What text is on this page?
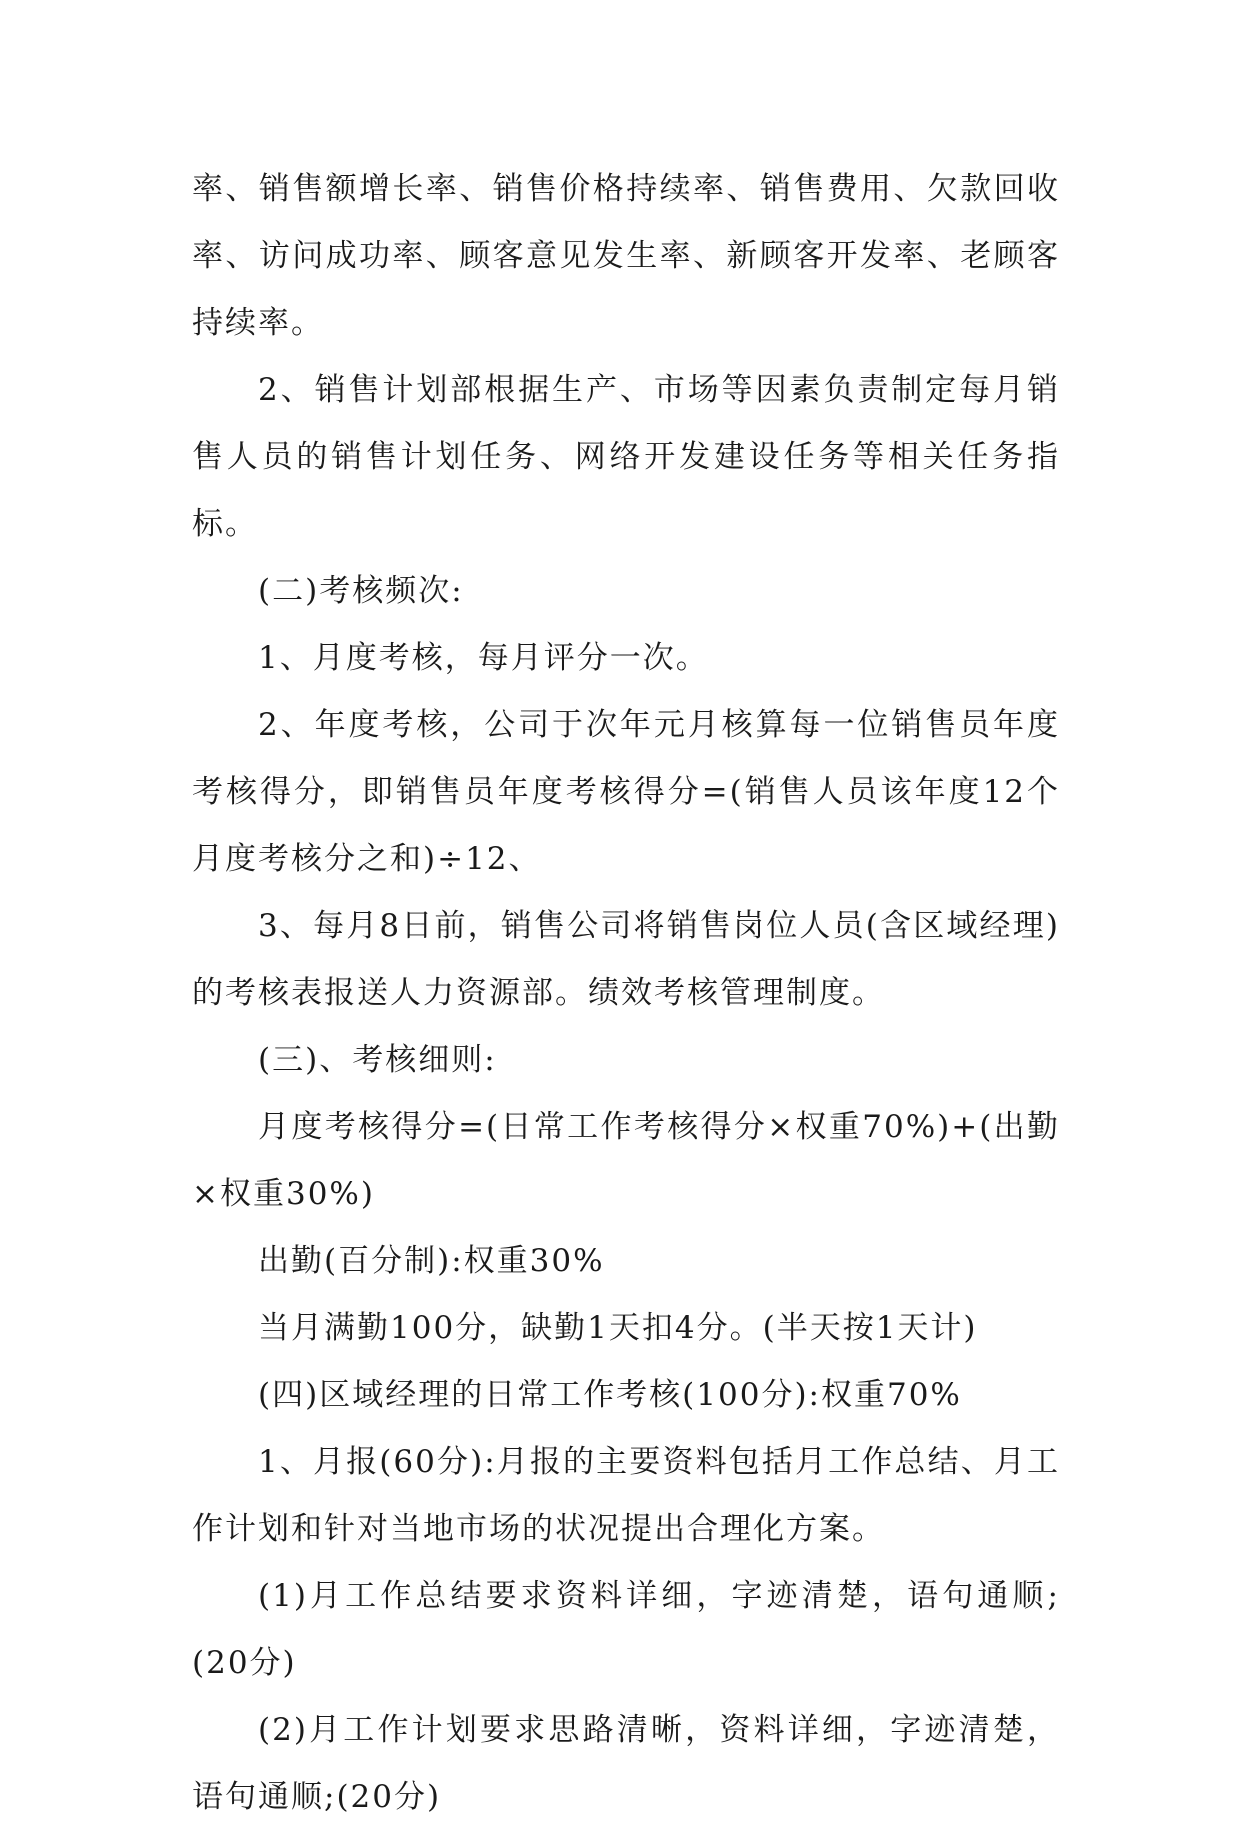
率、销售额增长率、销售价格持续率、销售费用、欠款回收率、访问成功率、顾客意见发生率、新顾客开发率、老顾客持续率。

2、销售计划部根据生产、市场等因素负责制定每月销售人员的销售计划任务、网络开发建设任务等相关任务指标。

(二)考核频次:

1、月度考核，每月评分一次。

2、年度考核，公司于次年元月核算每一位销售员年度考核得分，即销售员年度考核得分=(销售人员该年度12个月度考核分之和)÷12、

3、每月8日前，销售公司将销售岗位人员(含区域经理)的考核表报送人力资源部。绩效考核管理制度。

(三)、考核细则:

月度考核得分=(日常工作考核得分×权重70%)+(出勤×权重30%)

出勤(百分制):权重30%

当月满勤100分，缺勤1天扣4分。(半天按1天计)

(四)区域经理的日常工作考核(100分):权重70%

1、月报(60分):月报的主要资料包括月工作总结、月工作计划和针对当地市场的状况提出合理化方案。

(1)月工作总结要求资料详细，字迹清楚，语句通顺;(20分)

(2)月工作计划要求思路清晰，资料详细，字迹清楚，语句通顺;(20分)
